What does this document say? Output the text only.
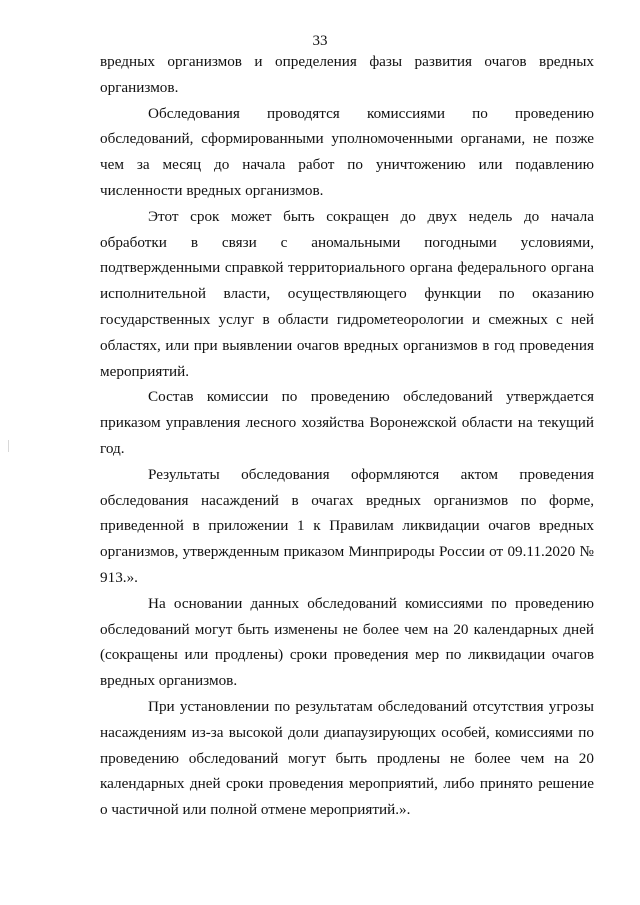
33

вредных организмов и определения фазы развития очагов вредных организмов.

Обследования проводятся комиссиями по проведению обследований, сформированными уполномоченными органами, не позже чем за месяц до начала работ по уничтожению или подавлению численности вредных организмов.

Этот срок может быть сокращен до двух недель до начала обработки в связи с аномальными погодными условиями, подтвержденными справкой территориального органа федерального органа исполнительной власти, осуществляющего функции по оказанию государственных услуг в области гидрометеорологии и смежных с ней областях, или при выявлении очагов вредных организмов в год проведения мероприятий.

Состав комиссии по проведению обследований утверждается приказом управления лесного хозяйства Воронежской области на текущий год.

Результаты обследования оформляются актом проведения обследования насаждений в очагах вредных организмов по форме, приведенной в приложении 1 к Правилам ликвидации очагов вредных организмов, утвержденным приказом Минприроды России от 09.11.2020 № 913.».

На основании данных обследований комиссиями по проведению обследований могут быть изменены не более чем на 20 календарных дней (сокращены или продлены) сроки проведения мер по ликвидации очагов вредных организмов.

При установлении по результатам обследований отсутствия угрозы насаждениям из-за высокой доли диапаузирующих особей, комиссиями по проведению обследований могут быть продлены не более чем на 20 календарных дней сроки проведения мероприятий, либо принято решение о частичной или полной отмене мероприятий.».
